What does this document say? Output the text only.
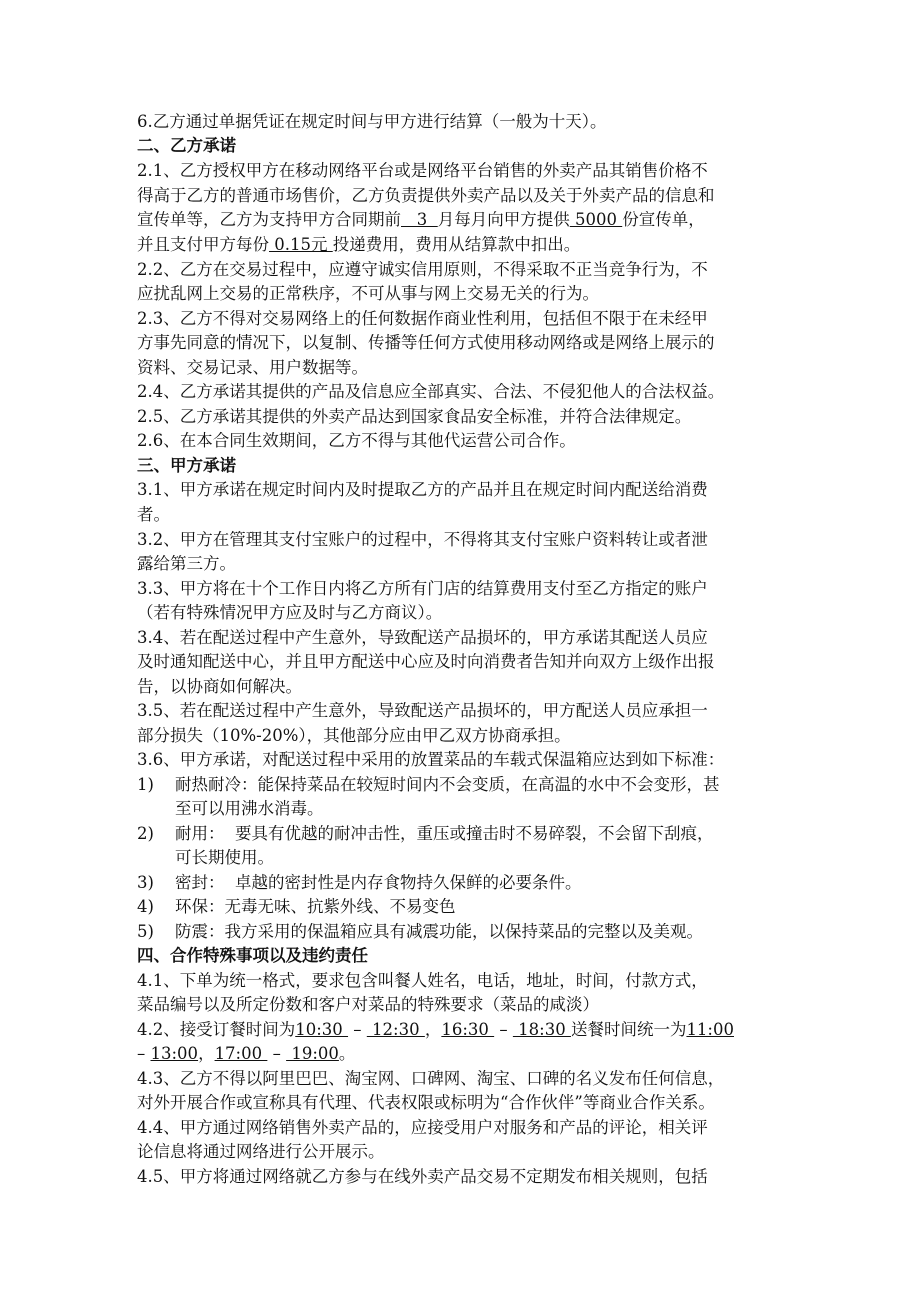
6.乙方通过单据凭证在规定时间与甲方进行结算（一般为十天）。
二、乙方承诺
2.1、乙方授权甲方在移动网络平台或是网络平台销售的外卖产品其销售价格不
得高于乙方的普通市场售价，乙方负责提供外卖产品以及关于外卖产品的信息和
宣传单等，乙方为支持甲方合同期前   3  月每月向甲方提供 5000 份宣传单，
并且支付甲方每份 0.15元 投递费用，费用从结算款中扣出。
2.2、乙方在交易过程中，应遵守诚实信用原则，不得采取不正当竞争行为，不
应扰乱网上交易的正常秩序，不可从事与网上交易无关的行为。
2.3、乙方不得对交易网络上的任何数据作商业性利用，包括但不限于在未经甲
方事先同意的情况下，以复制、传播等任何方式使用移动网络或是网络上展示的
资料、交易记录、用户数据等。
2.4、乙方承诺其提供的产品及信息应全部真实、合法、不侵犯他人的合法权益。
2.5、乙方承诺其提供的外卖产品达到国家食品安全标准，并符合法律规定。
2.6、在本合同生效期间，乙方不得与其他代运营公司合作。
三、甲方承诺
3.1、甲方承诺在规定时间内及时提取乙方的产品并且在规定时间内配送给消费
者。
3.2、甲方在管理其支付宝账户的过程中，不得将其支付宝账户资料转让或者泄
露给第三方。
3.3、甲方将在十个工作日内将乙方所有门店的结算费用支付至乙方指定的账户
（若有特殊情况甲方应及时与乙方商议）。
3.4、若在配送过程中产生意外，导致配送产品损坏的，甲方承诺其配送人员应
及时通知配送中心，并且甲方配送中心应及时向消费者告知并向双方上级作出报
告，以协商如何解决。
3.5、若在配送过程中产生意外，导致配送产品损坏的，甲方配送人员应承担一
部分损失（10%-20%），其他部分应由甲乙双方协商承担。
3.6、甲方承诺，对配送过程中采用的放置菜品的车载式保温箱应达到如下标准：
1) 耐热耐冷：能保持菜品在较短时间内不会变质，在高温的水中不会变形，甚
至可以用沸水消毒。
2) 耐用：  要具有优越的耐冲击性，重压或撞击时不易碎裂，不会留下刮痕，
可长期使用。
3) 密封：  卓越的密封性是内存食物持久保鲜的必要条件。
4) 环保：无毒无味、抗紫外线、不易变色
5) 防震：我方采用的保温箱应具有减震功能，以保持菜品的完整以及美观。
四、合作特殊事项以及违约责任
4.1、下单为统一格式，要求包含叫餐人姓名，电话，地址，时间，付款方式，
菜品编号以及所定份数和客户对菜品的特殊要求（菜品的咸淡）
4.2、接受订餐时间为10:30  –  12:30 ，16:30  –  18:30 送餐时间统一为11:00
– 13:00，17:00  –  19:00。
4.3、乙方不得以阿里巴巴、淘宝网、口碑网、淘宝、口碑的名义发布任何信息，
对外开展合作或宣称具有代理、代表权限或标明为“合作伙伴”等商业合作关系。
4.4、甲方通过网络销售外卖产品的，应接受用户对服务和产品的评论，相关评
论信息将通过网络进行公开展示。
4.5、甲方将通过网络就乙方参与在线外卖产品交易不定期发布相关规则，包括
